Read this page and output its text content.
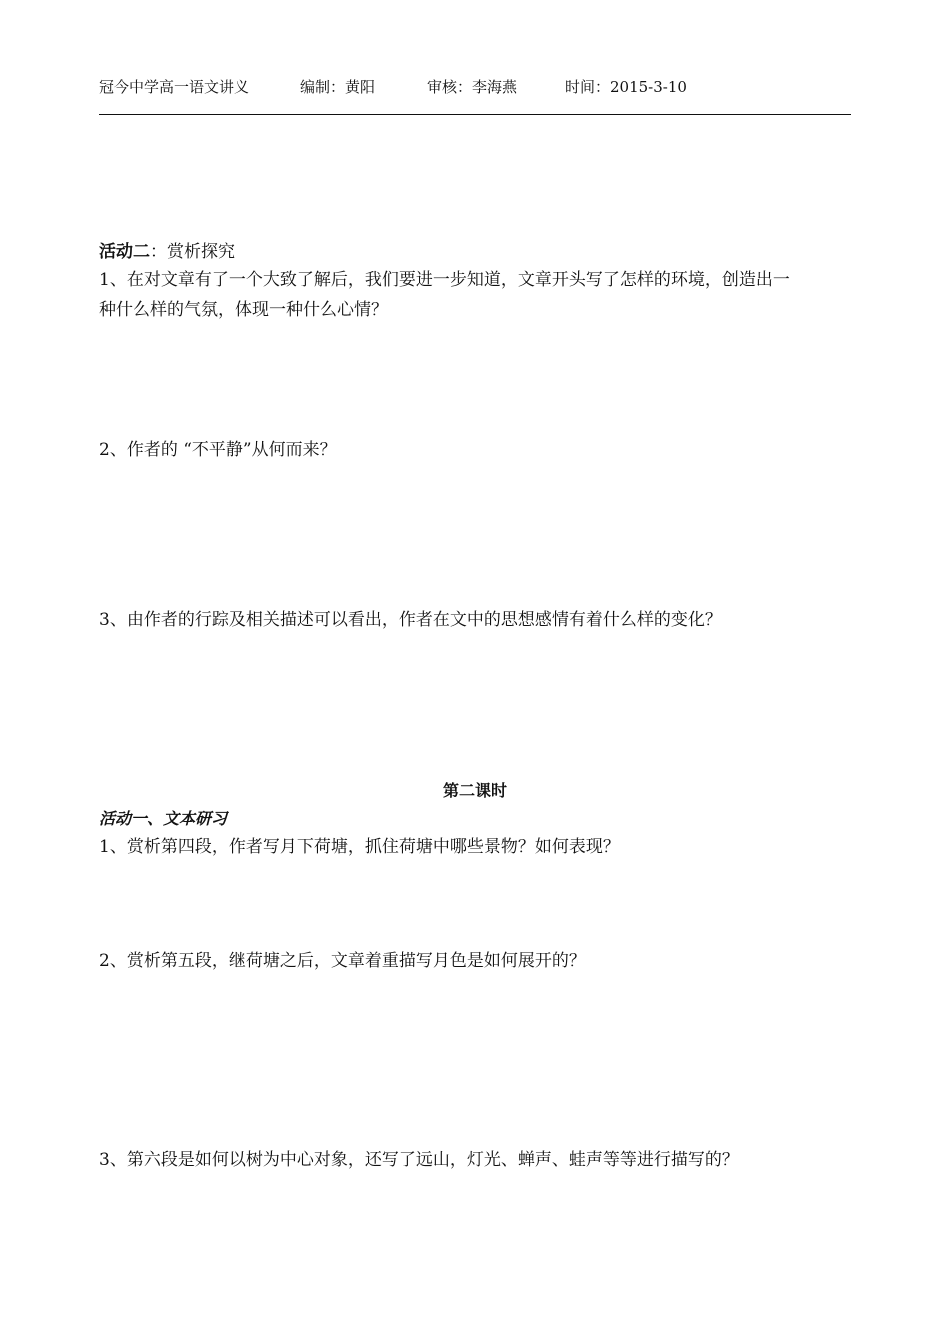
冠今中学高一语文讲义	编制：黄阳	审核：李海燕	时间：2015-3-10
活动二：赏析探究
1、在对文章有了一个大致了解后，我们要进一步知道，文章开头写了怎样的环境，创造出一
种什么样的气氛，体现一种什么心情？
2、作者的 “不平静”从何而来？
3、由作者的行踪及相关描述可以看出，作者在文中的思想感情有着什么样的变化？
第二课时
活动一、文本研习
1、赏析第四段，作者写月下荷塘，抓住荷塘中哪些景物？如何表现？
2、赏析第五段，继荷塘之后，文章着重描写月色是如何展开的？
3、第六段是如何以树为中心对象，还写了远山，灯光、蝉声、蛙声等等进行描写的？
